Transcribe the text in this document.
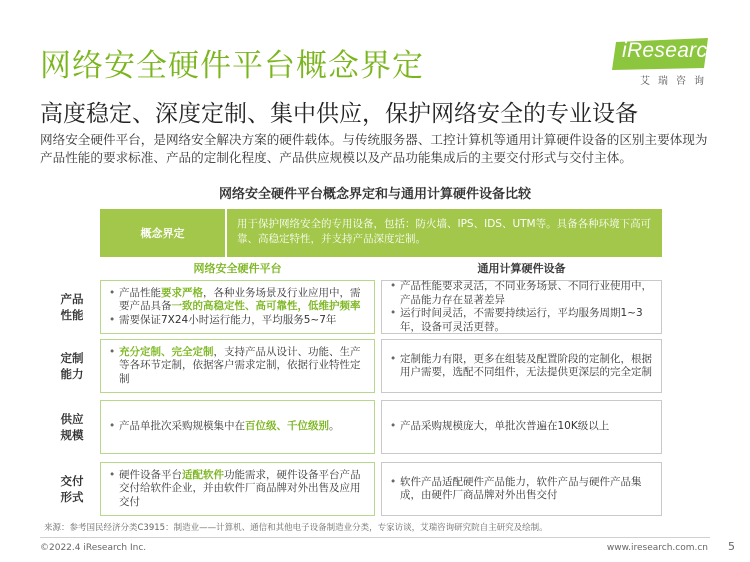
网络安全硬件平台概念界定	iResearch
艾瑞咨询
高度稳定、深度定制、集中供应，保护网络安全的专业设备
网络安全硬件平台，是网络安全解决方案的硬件载体。与传统服务器、工控计算机等通用计算硬件设备的区别主要体现为产品性能的要求标准、产品的定制化程度、产品供应规模以及产品功能集成后的主要交付形式与交付主体。
网络安全硬件平台概念界定和与通用计算硬件设备比较
概念界定
用于保护网络安全的专用设备，包括：防火墙、IPS、IDS、UTM等。具备各种环境下高可靠、高稳定特性，并支持产品深度定制。
网络安全硬件平台	通用计算硬件设备
产品
性能
• 产品性能要求严格，各种业务场景及行业应用中，需要产品具备一致的高稳定性、高可靠性，低维护频率
• 需要保证7X24小时运行能力，平均服务5~7年
• 产品性能要求灵活，不同业务场景、不同行业使用中，产品能力存在显著差异
• 运行时间灵活，不需要持续运行，平均服务周期1~3年，设备可灵活更替。
定制
能力
• 充分定制、完全定制，支持产品从设计、功能、生产等各环节定制，依据客户需求定制，依据行业特性定制
• 定制能力有限，更多在组装及配置阶段的定制化，根据用户需要，选配不同组件，无法提供更深层的完全定制
供应
规模
• 产品单批次采购规模集中在百位级、千位级别。
•	产品采购规模庞大，单批次普遍在10K级以上
交付
形式
• 硬件设备平台适配软件功能需求，硬件设备平台产品交付给软件企业，并由软件厂商品牌对外出售及应用交付
• 软件产品适配硬件产品能力，软件产品与硬件产品集成，由硬件厂商品牌对外出售交付
来源：参考国民经济分类C3915：制造业——计算机、通信和其他电子设备制造业分类，专家访谈，艾瑞咨询研究院自主研究及绘制。
©2022.4 iResearch Inc.	www.iresearch.com.cn 5
